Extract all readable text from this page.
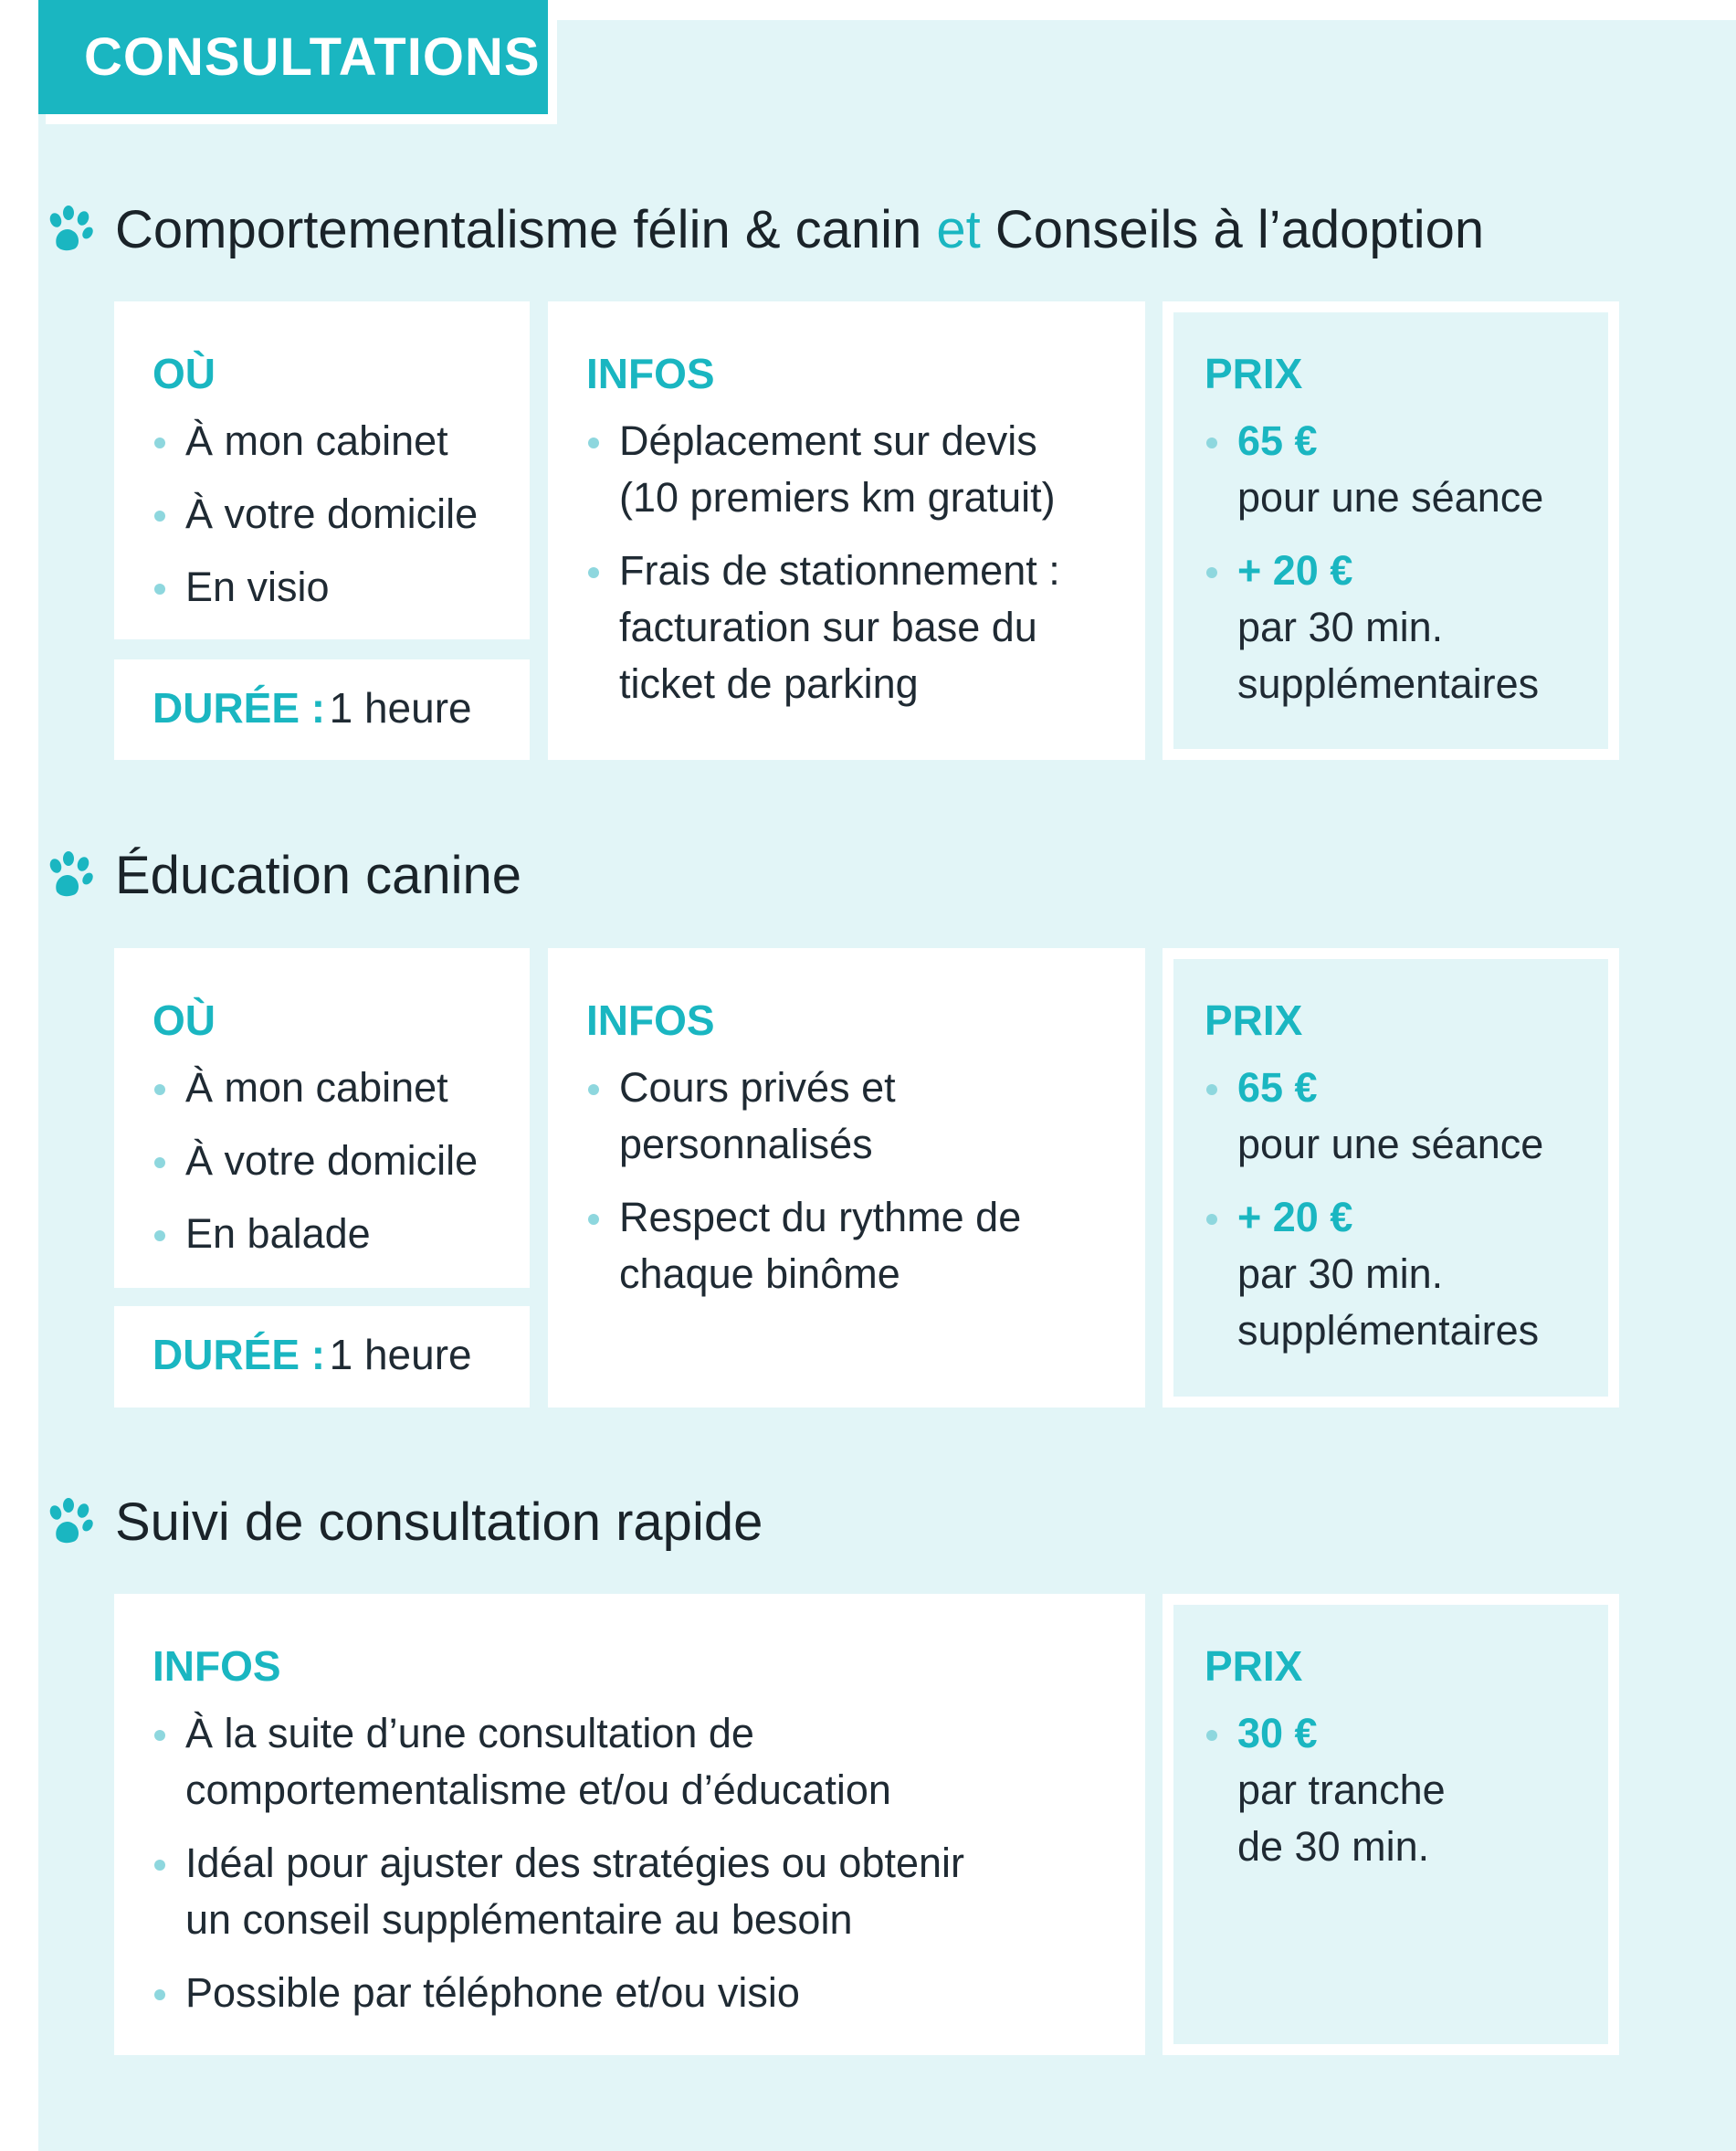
CONSULTATIONS
Comportementalisme félin & canin
et
Conseils à l’adoption
OÙ
À mon cabinet
À votre domicile
En visio
DURÉE : 1 heure
INFOS
Déplacement sur devis
(10 premiers km gratuit)
Frais de stationnement :
facturation sur base du
ticket de parking
PRIX
65 €
pour une séance
+ 20 €
par 30 min.
supplémentaires
Éducation canine
OÙ
À mon cabinet
À votre domicile
En balade
DURÉE : 1 heure
INFOS
Cours privés et
personnalisés
Respect du rythme de
chaque binôme
PRIX
65 €
pour une séance
+ 20 €
par 30 min.
supplémentaires
Suivi de consultation rapide
INFOS
À la suite d’une consultation de
comportementalisme et/ou d’éducation
Idéal pour ajuster des stratégies ou obtenir
un conseil supplémentaire au besoin
Possible par téléphone et/ou visio
PRIX
30 €
par tranche
de 30 min.
